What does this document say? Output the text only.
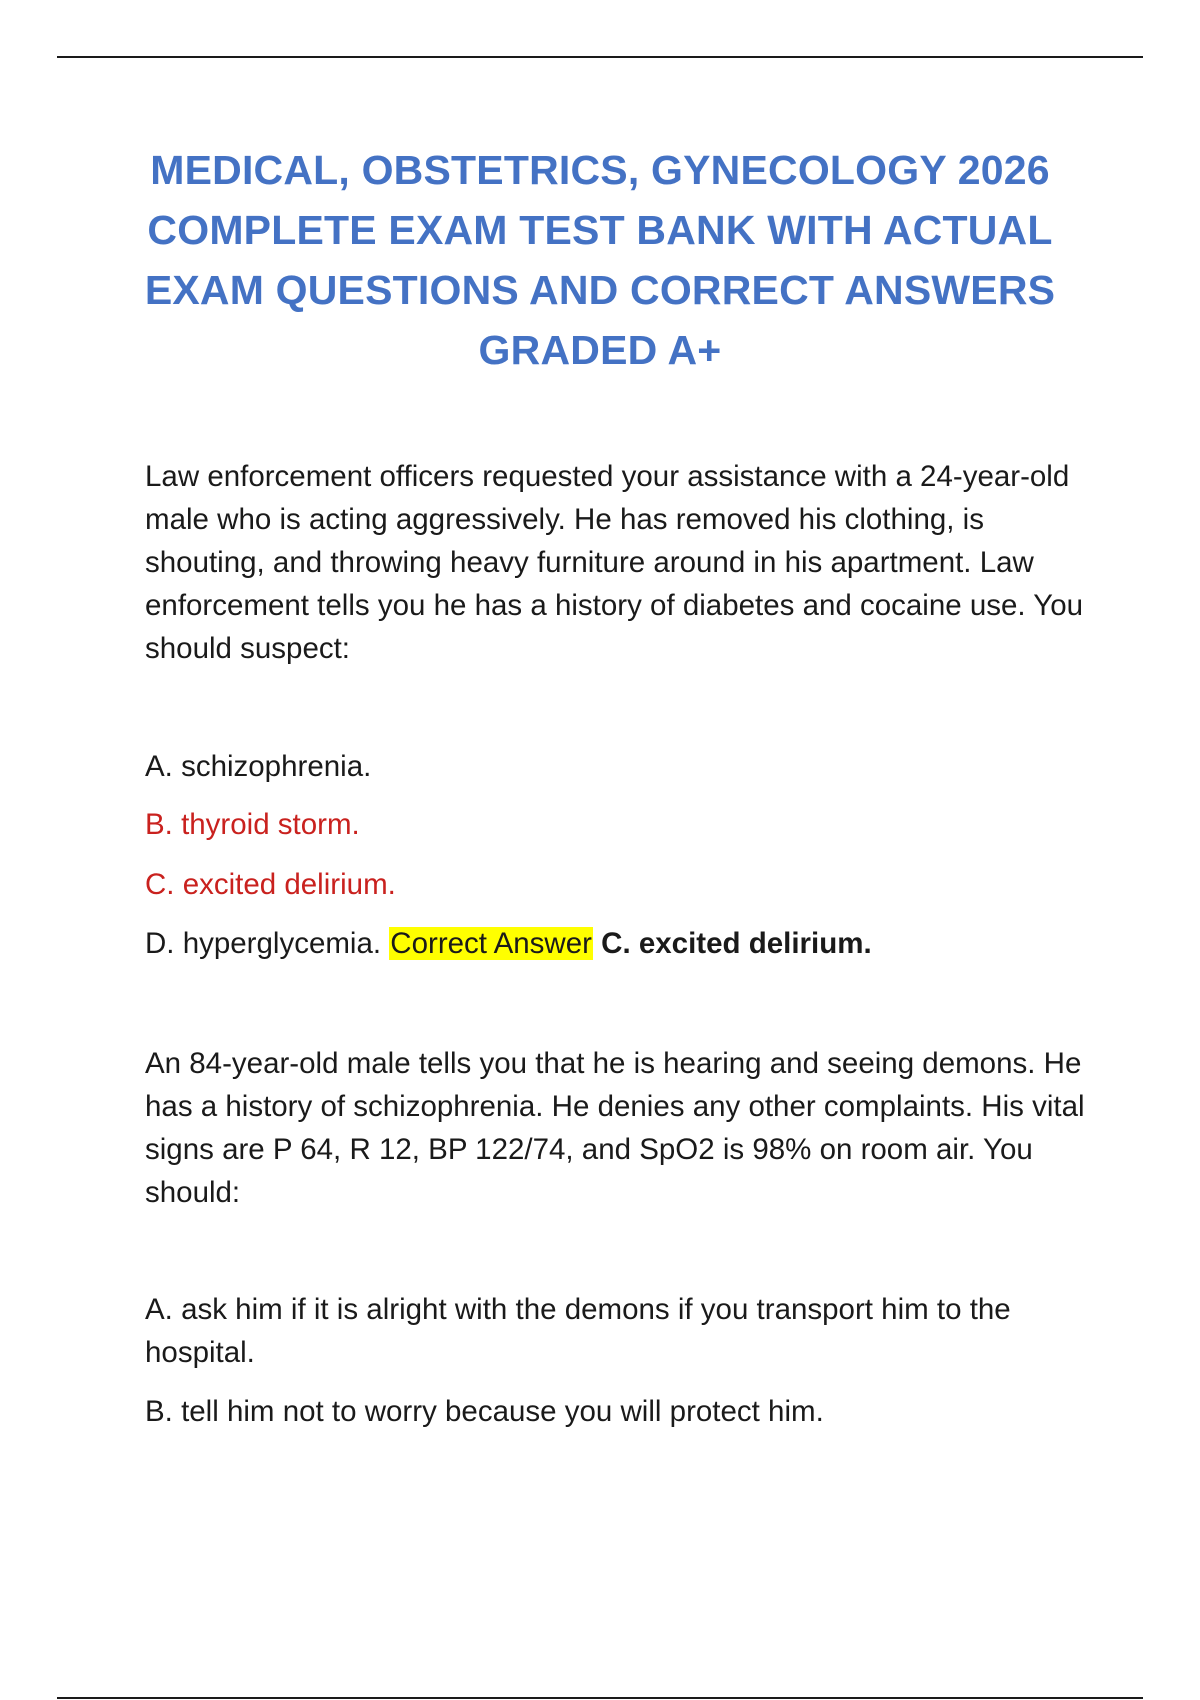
MEDICAL, OBSTETRICS, GYNECOLOGY 2026 COMPLETE EXAM TEST BANK WITH ACTUAL EXAM QUESTIONS AND CORRECT ANSWERS GRADED A+

Law enforcement officers requested your assistance with a 24-year-old male who is acting aggressively. He has removed his clothing, is shouting, and throwing heavy furniture around in his apartment. Law enforcement tells you he has a history of diabetes and cocaine use. You should suspect:

A. schizophrenia.

B. thyroid storm.

C. excited delirium.

D. hyperglycemia. Correct Answer C. excited delirium.

An 84-year-old male tells you that he is hearing and seeing demons. He has a history of schizophrenia. He denies any other complaints. His vital signs are P 64, R 12, BP 122/74, and SpO2 is 98% on room air. You should:

A. ask him if it is alright with the demons if you transport him to the hospital.

B. tell him not to worry because you will protect him.
